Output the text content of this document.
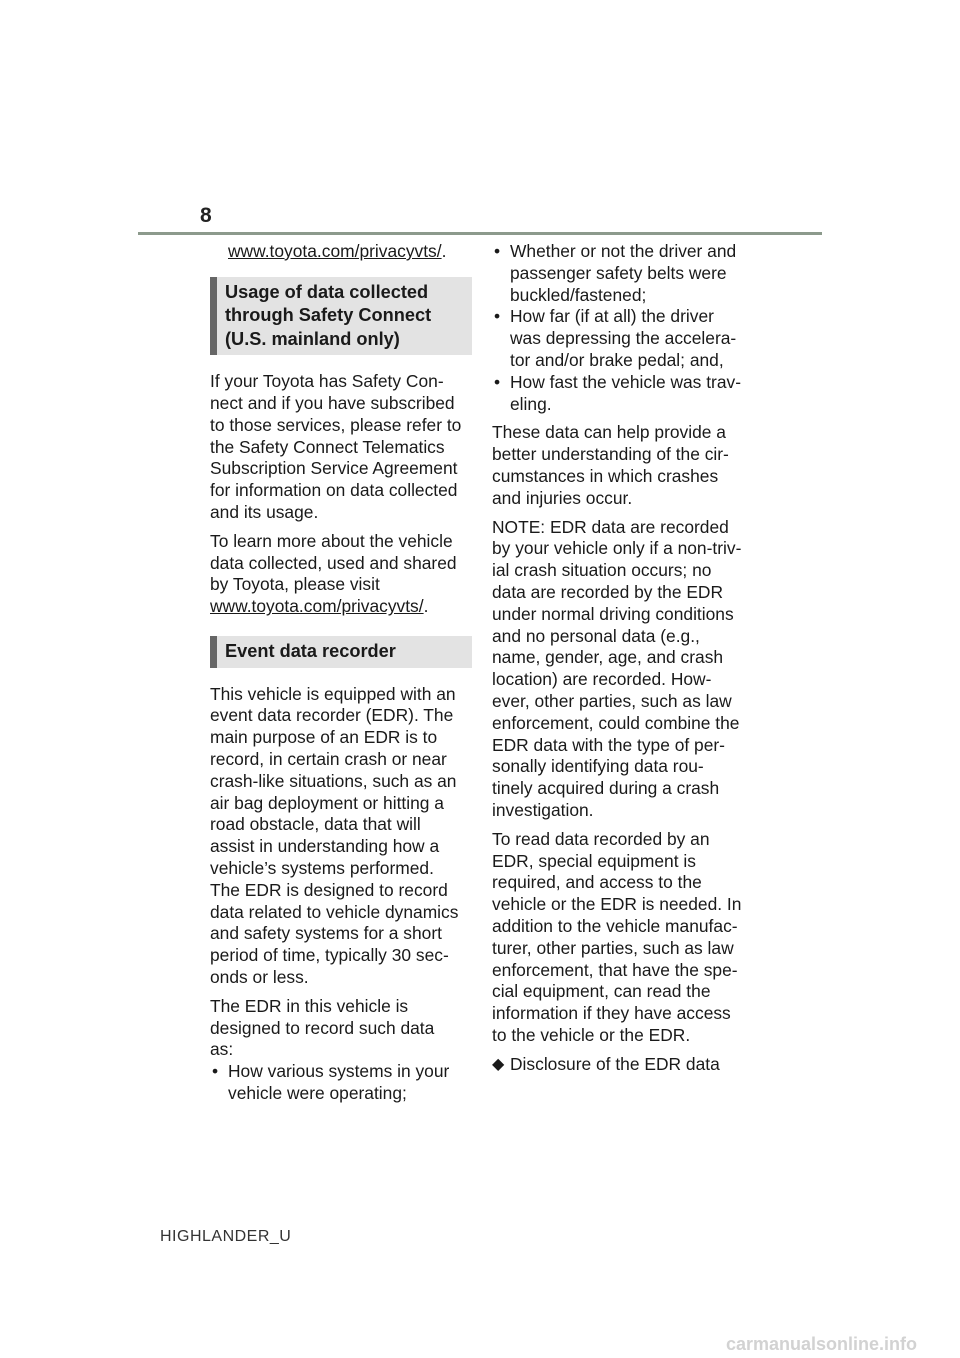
8
www.toyota.com/privacyvts/.
Usage of data collected
through Safety Connect
(U.S. mainland only)
If your Toyota has Safety Con-
nect and if you have subscribed
to those services, please refer to
the Safety Connect Telematics
Subscription Service Agreement
for information on data collected
and its usage.
To learn more about the vehicle
data collected, used and shared
by Toyota, please visit
www.toyota.com/privacyvts/.
Event data recorder
This vehicle is equipped with an
event data recorder (EDR). The
main purpose of an EDR is to
record, in certain crash or near
crash-like situations, such as an
air bag deployment or hitting a
road obstacle, data that will
assist in understanding how a
vehicle’s systems performed.
The EDR is designed to record
data related to vehicle dynamics
and safety systems for a short
period of time, typically 30 sec-
onds or less.
The EDR in this vehicle is
designed to record such data
as:
• How various systems in your
vehicle were operating;
• Whether or not the driver and
passenger safety belts were
buckled/fastened;
• How far (if at all) the driver
was depressing the accelera-
tor and/or brake pedal; and,
• How fast the vehicle was trav-
eling.
These data can help provide a
better understanding of the cir-
cumstances in which crashes
and injuries occur.
NOTE: EDR data are recorded
by your vehicle only if a non-triv-
ial crash situation occurs; no
data are recorded by the EDR
under normal driving conditions
and no personal data (e.g.,
name, gender, age, and crash
location) are recorded. How-
ever, other parties, such as law
enforcement, could combine the
EDR data with the type of per-
sonally identifying data rou-
tinely acquired during a crash
investigation.
To read data recorded by an
EDR, special equipment is
required, and access to the
vehicle or the EDR is needed. In
addition to the vehicle manufac-
turer, other parties, such as law
enforcement, that have the spe-
cial equipment, can read the
information if they have access
to the vehicle or the EDR.
◆ Disclosure of the EDR data
HIGHLANDER_U
carmanualsonline.info
